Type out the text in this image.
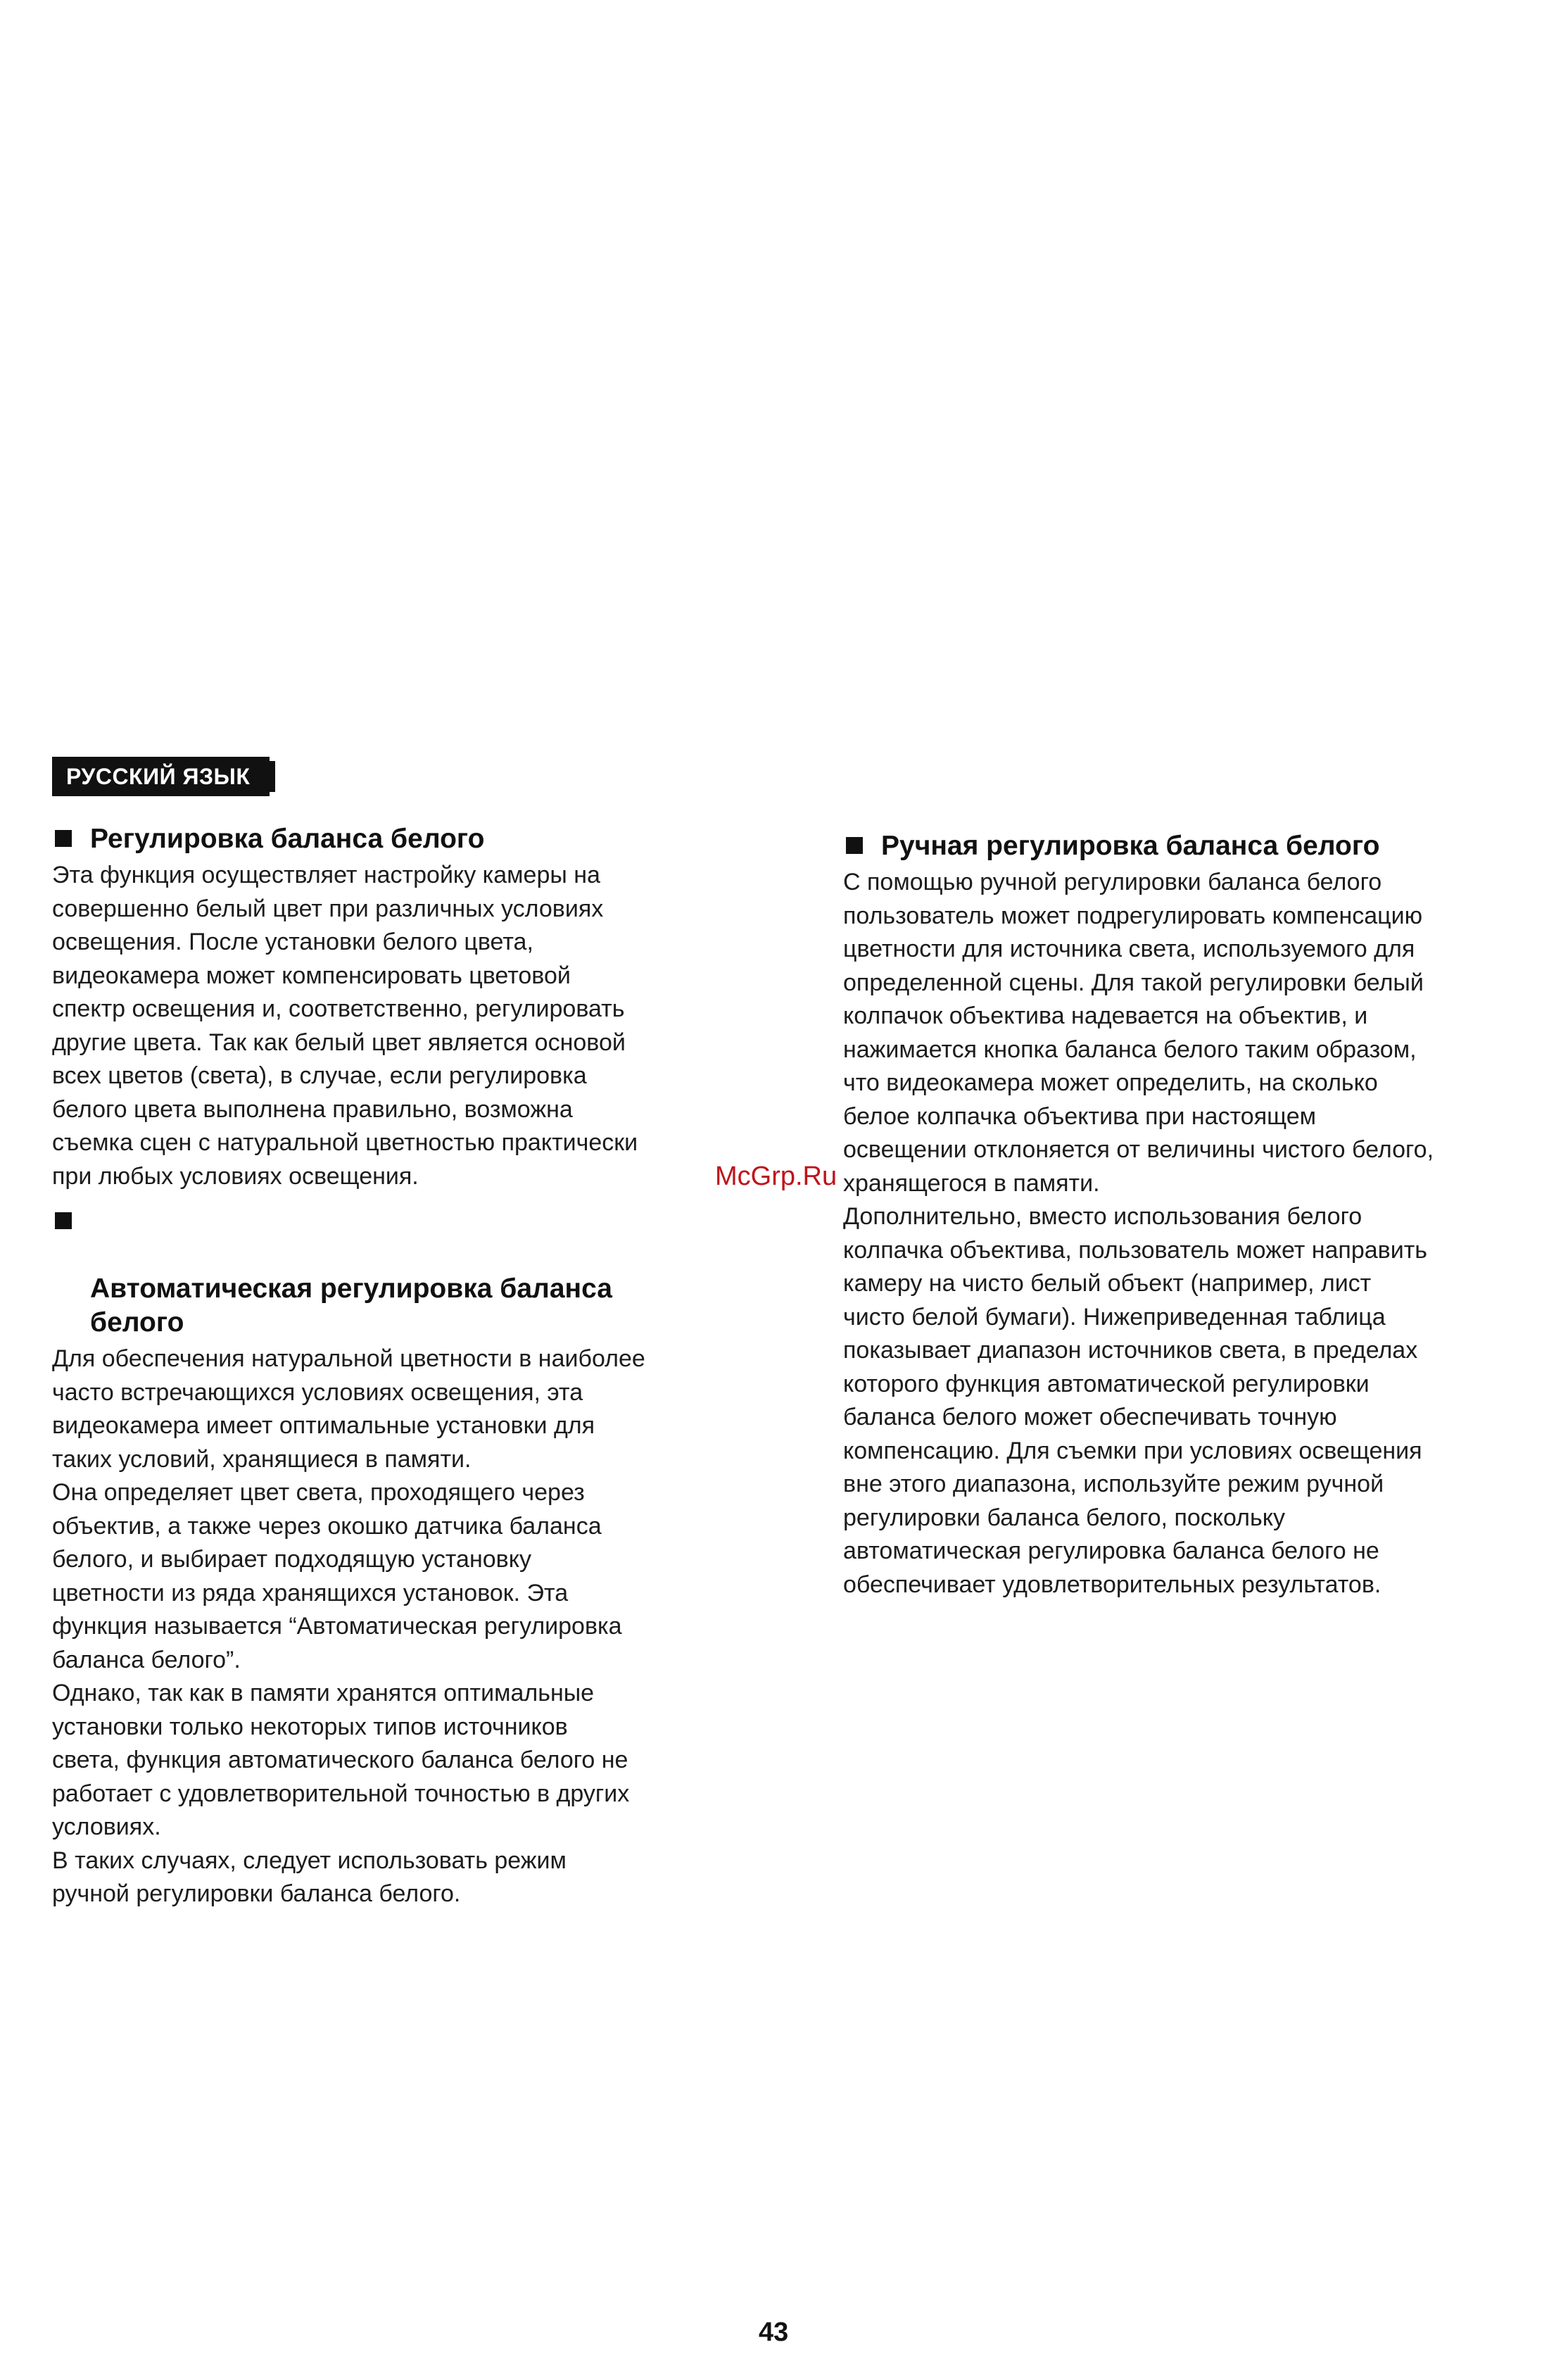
РУССКИЙ ЯЗЫК
Регулировка баланса белого

Эта функция осуществляет настройку камеры на
совершенно белый цвет при различных условиях
освещения. После установки белого цвета,
видеокамера может компенсировать цветовой
спектр освещения и, соответственно, регулировать
другие цвета. Так как белый цвет является основой
всех цветов (света), в случае, если регулировка
белого цвета выполнена правильно, возможна
съемка сцен с натуральной цветностью практически
при любых условиях освещения.

Автоматическая регулировка баланса
белого

Для обеспечения натуральной цветности в наиболее
часто встречающихся условиях освещения, эта
видеокамера имеет оптимальные установки для
таких условий, хранящиеся в памяти.
Она определяет цвет света, проходящего через
объектив, а также через окошко датчика баланса
белого, и выбирает подходящую установку
цветности из ряда хранящихся установок. Эта
функция называется “Автоматическая регулировка
баланса белого”.
Однако, так как в памяти хранятся оптимальные
установки только некоторых типов источников
света, функция автоматического баланса белого не
работает с удовлетворительной точностью в других
условиях.
В таких случаях, следует использовать режим
ручной регулировки баланса белого.

Ручная регулировка баланса белого

С помощью ручной регулировки баланса белого
пользователь может подрегулировать компенсацию
цветности для источника света, используемого для
определенной сцены. Для такой регулировки белый
колпачок объектива надевается на объектив, и
нажимается кнопка баланса белого таким образом,
что видеокамера может определить, на сколько
белое колпачка объектива при настоящем
освещении отклоняется от величины чистого белого,
хранящегося в памяти.
Дополнительно, вместо использования белого
колпачка объектива, пользователь может направить
камеру на чисто белый объект (например, лист
чисто белой бумаги). Нижеприведенная таблица
показывает диапазон источников света, в пределах
которого функция автоматической регулировки
баланса белого может обеспечивать точную
компенсацию. Для съемки при условиях освещения
вне этого диапазона, используйте режим ручной
регулировки баланса белого, поскольку
автоматическая регулировка баланса белого не
обеспечивает удовлетворительных результатов.

McGrp.Ru
43
